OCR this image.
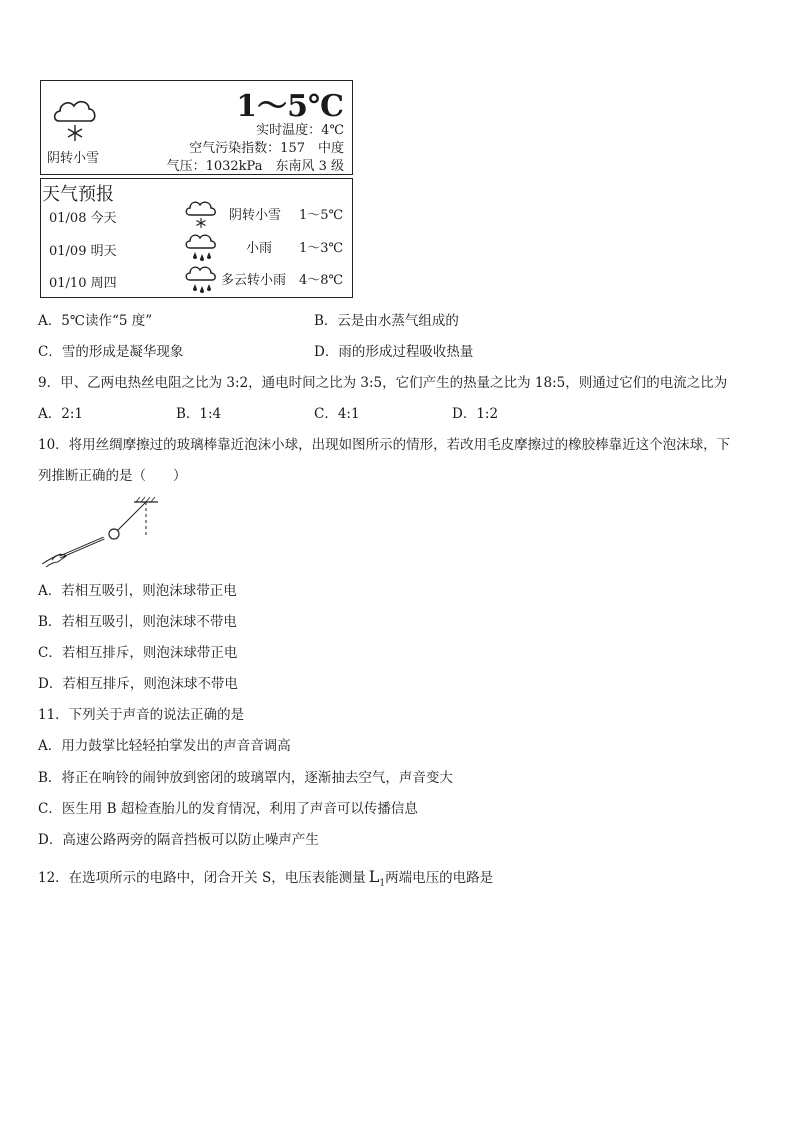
1～5℃
实时温度：4℃
空气污染指数：157　中度
气压：1032kPa　东南风 3 级
阴转小雪
天气预报
01/08 今天	阴转小雪 1～5℃
01/09 明天	小雨 1～3℃
01/10 周四	多云转小雨 4～8℃
A．5℃读作“5 度”	B．云是由水蒸气组成的
C．雪的形成是凝华现象	D．雨的形成过程吸收热量
9．甲、乙两电热丝电阻之比为 3:2，通电时间之比为 3:5，它们产生的热量之比为 18:5，则通过它们的电流之比为
A．2:1	B．1:4	C．4:1	D．1:2
10．将用丝绸摩擦过的玻璃棒靠近泡沫小球，出现如图所示的情形，若改用毛皮摩擦过的橡胶棒靠近这个泡沫球，下
列推断正确的是（　　）
A．若相互吸引，则泡沫球带正电
B．若相互吸引，则泡沫球不带电
C．若相互排斥，则泡沫球带正电
D．若相互排斥，则泡沫球不带电
11．下列关于声音的说法正确的是
A．用力鼓掌比轻轻拍掌发出的声音音调高
B．将正在响铃的闹钟放到密闭的玻璃罩内，逐渐抽去空气，声音变大
C．医生用 B 超检查胎儿的发育情况，利用了声音可以传播信息
D．高速公路两旁的隔音挡板可以防止噪声产生
12．在选项所示的电路中，闭合开关 S，电压表能测量 $L_1$两端电压的电路是
